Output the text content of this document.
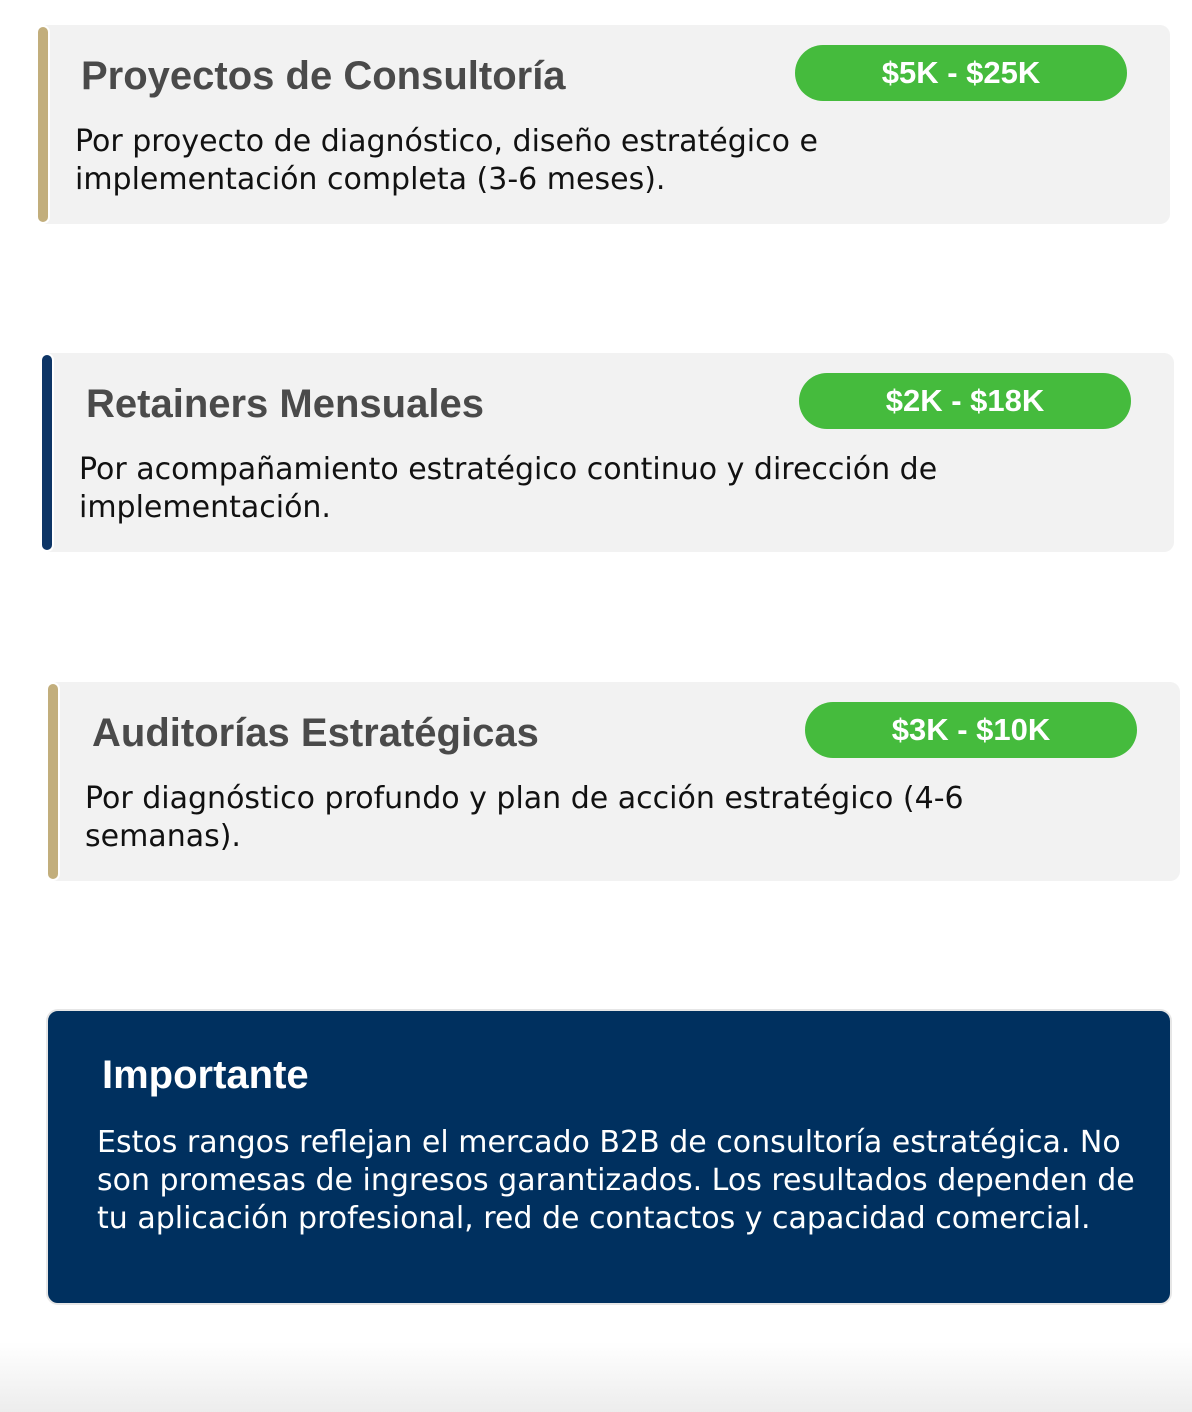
Proyectos de Consultoría	$5K - $25K
Por proyecto de diagnóstico, diseño estratégico e implementación completa (3-6 meses).
Retainers Mensuales	$2K - $18K
Por acompañamiento estratégico continuo y dirección de implementación.
Auditorías Estratégicas	$3K - $10K
Por diagnóstico profundo y plan de acción estratégico (4-6 semanas).
Importante
Estos rangos reflejan el mercado B2B de consultoría estratégica. No son promesas de ingresos garantizados. Los resultados dependen de tu aplicación profesional, red de contactos y capacidad comercial.
